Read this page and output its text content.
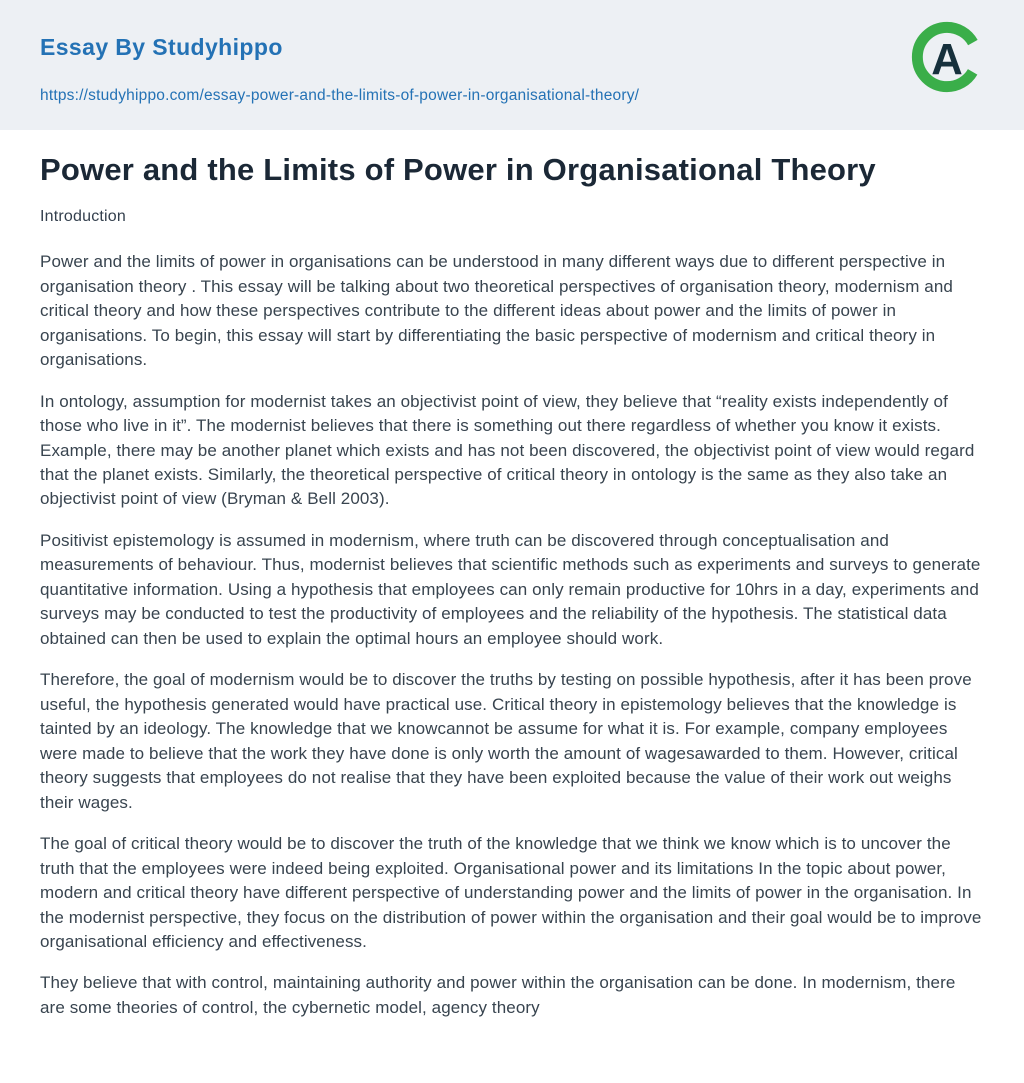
Essay By Studyhippo
https://studyhippo.com/essay-power-and-the-limits-of-power-in-organisational-theory/
A
Power and the Limits of Power in Organisational Theory
Introduction

Power and the limits of power in organisations can be understood in many different ways due to different perspective in organisation theory . This essay will be talking about two theoretical perspectives of organisation theory, modernism and critical theory and how these perspectives contribute to the different ideas about power and the limits of power in organisations. To begin, this essay will start by differentiating the basic perspective of modernism and critical theory in organisations.

In ontology, assumption for modernist takes an objectivist point of view, they believe that “reality exists independently of those who live in it”. The modernist believes that there is something out there regardless of whether you know it exists. Example, there may be another planet which exists and has not been discovered, the objectivist point of view would regard that the planet exists. Similarly, the theoretical perspective of critical theory in ontology is the same as they also take an objectivist point of view (Bryman & Bell 2003).

Positivist epistemology is assumed in modernism, where truth can be discovered through conceptualisation and measurements of behaviour. Thus, modernist believes that scientific methods such as experiments and surveys to generate quantitative information. Using a hypothesis that employees can only remain productive for 10hrs in a day, experiments and surveys may be conducted to test the productivity of employees and the reliability of the hypothesis. The statistical data obtained can then be used to explain the optimal hours an employee should work.

Therefore, the goal of modernism would be to discover the truths by testing on possible hypothesis, after it has been prove useful, the hypothesis generated would have practical use. Critical theory in epistemology believes that the knowledge is tainted by an ideology. The knowledge that we knowcannot be assume for what it is. For example, company employees were made to believe that the work they have done is only worth the amount of wagesawarded to them. However, critical theory suggests that employees do not realise that they have been exploited because the value of their work out weighs their wages.

The goal of critical theory would be to discover the truth of the knowledge that we think we know which is to uncover the truth that the employees were indeed being exploited. Organisational power and its limitations In the topic about power, modern and critical theory have different perspective of understanding power and the limits of power in the organisation. In the modernist perspective, they focus on the distribution of power within the organisation and their goal would be to improve organisational efficiency and effectiveness.

They believe that with control, maintaining authority and power within the organisation can be done. In modernism, there are some theories of control, the cybernetic model, agency theory
